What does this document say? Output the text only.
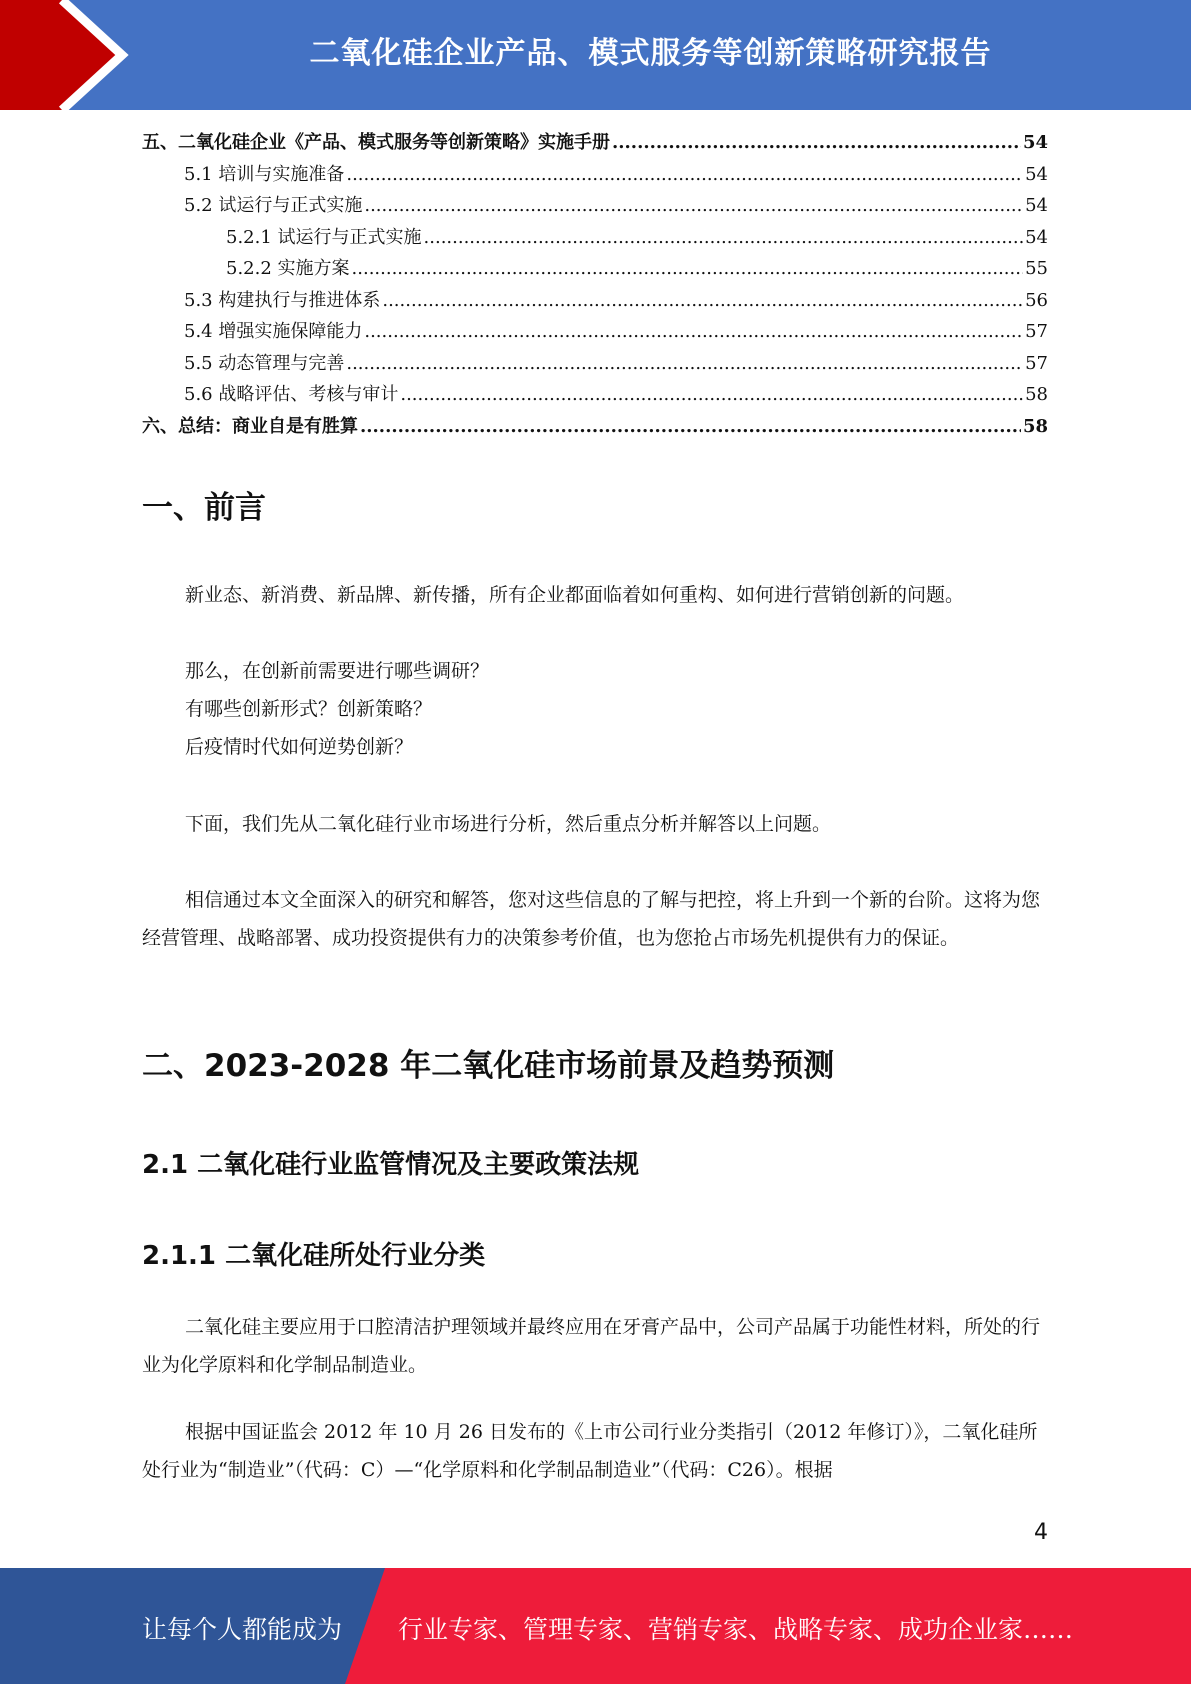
二氧化硅企业产品、模式服务等创新策略研究报告
五、二氧化硅企业《产品、模式服务等创新策略》实施手册 .....	54
5.1 培训与实施准备 .....	54
5.2 试运行与正式实施 .....	54
5.2.1 试运行与正式实施 .....	54
5.2.2 实施方案 .....	55
5.3 构建执行与推进体系 .....	56
5.4 增强实施保障能力 .....	57
5.5 动态管理与完善 .....	57
5.6 战略评估、考核与审计 .....	58
六、总结：商业自是有胜算 .....	58
一、前言
新业态、新消费、新品牌、新传播，所有企业都面临着如何重构、如何进行营销创新的问题。
那么，在创新前需要进行哪些调研？
有哪些创新形式？创新策略？
后疫情时代如何逆势创新？
下面，我们先从二氧化硅行业市场进行分析，然后重点分析并解答以上问题。
相信通过本文全面深入的研究和解答，您对这些信息的了解与把控，将上升到一个新的台阶。这将为您经营管理、战略部署、成功投资提供有力的决策参考价值，也为您抢占市场先机提供有力的保证。
二、2023-2028 年二氧化硅市场前景及趋势预测
2.1 二氧化硅行业监管情况及主要政策法规
2.1.1 二氧化硅所处行业分类
二氧化硅主要应用于口腔清洁护理领域并最终应用在牙膏产品中，公司产品属于功能性材料，所处的行业为化学原料和化学制品制造业。
根据中国证监会 2012 年 10 月 26 日发布的《上市公司行业分类指引（2012 年修订）》，二氧化硅所处行业为“制造业”（代码：C）—“化学原料和化学制品制造业”（代码：C26）。根据
4
让每个人都能成为 行业专家、管理专家、营销专家、战略专家、成功企业家……
